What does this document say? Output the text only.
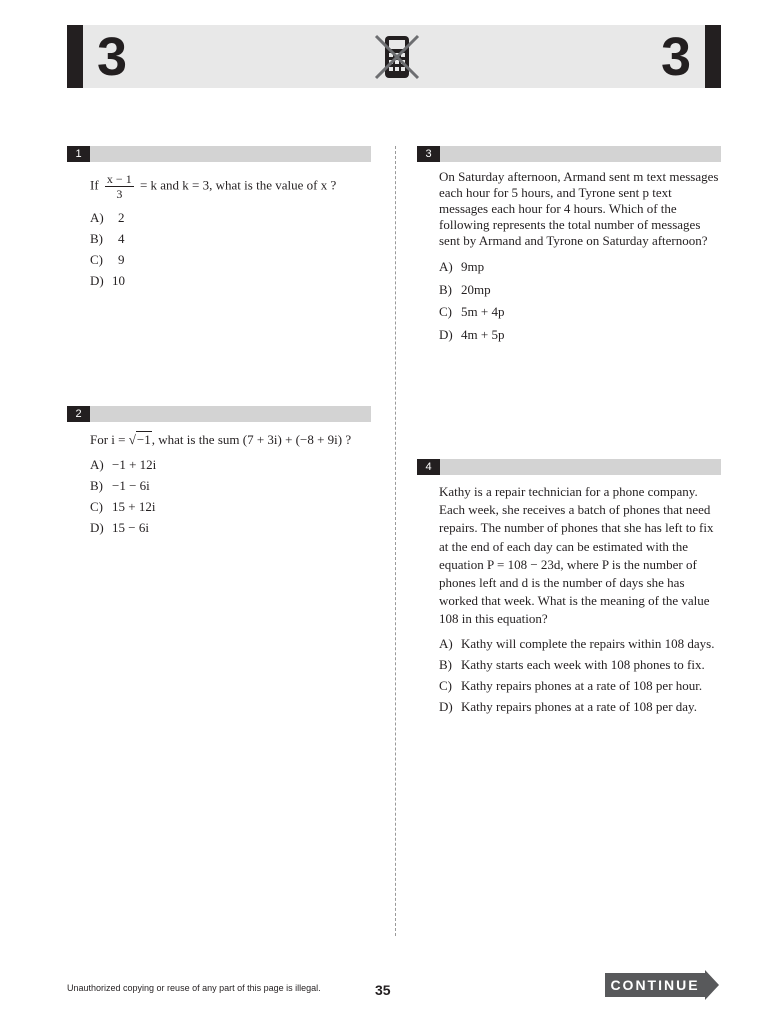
3	3
1
If $\frac{x - 1}{3} = k$ and k = 3, what is the value of x ?
A) 2
B) 4
C) 9
D) 10
2
For i = √−1, what is the sum (7 + 3i) + (−8 + 9i) ?
A) −1 + 12i
B) −1 − 6i
C) 15 + 12i
D) 15 − 6i
3
On Saturday afternoon, Armand sent m text messages each hour for 5 hours, and Tyrone sent p text messages each hour for 4 hours. Which of the following represents the total number of messages sent by Armand and Tyrone on Saturday afternoon?
A) 9mp
B) 20mp
C) 5m + 4p
D) 4m + 5p
4
Kathy is a repair technician for a phone company. Each week, she receives a batch of phones that need repairs. The number of phones that she has left to fix at the end of each day can be estimated with the equation P = 108 − 23d, where P is the number of phones left and d is the number of days she has worked that week. What is the meaning of the value 108 in this equation?
A) Kathy will complete the repairs within 108 days.
B) Kathy starts each week with 108 phones to fix.
C) Kathy repairs phones at a rate of 108 per hour.
D) Kathy repairs phones at a rate of 108 per day.
Unauthorized copying or reuse of any part of this page is illegal.	35	CONTINUE
